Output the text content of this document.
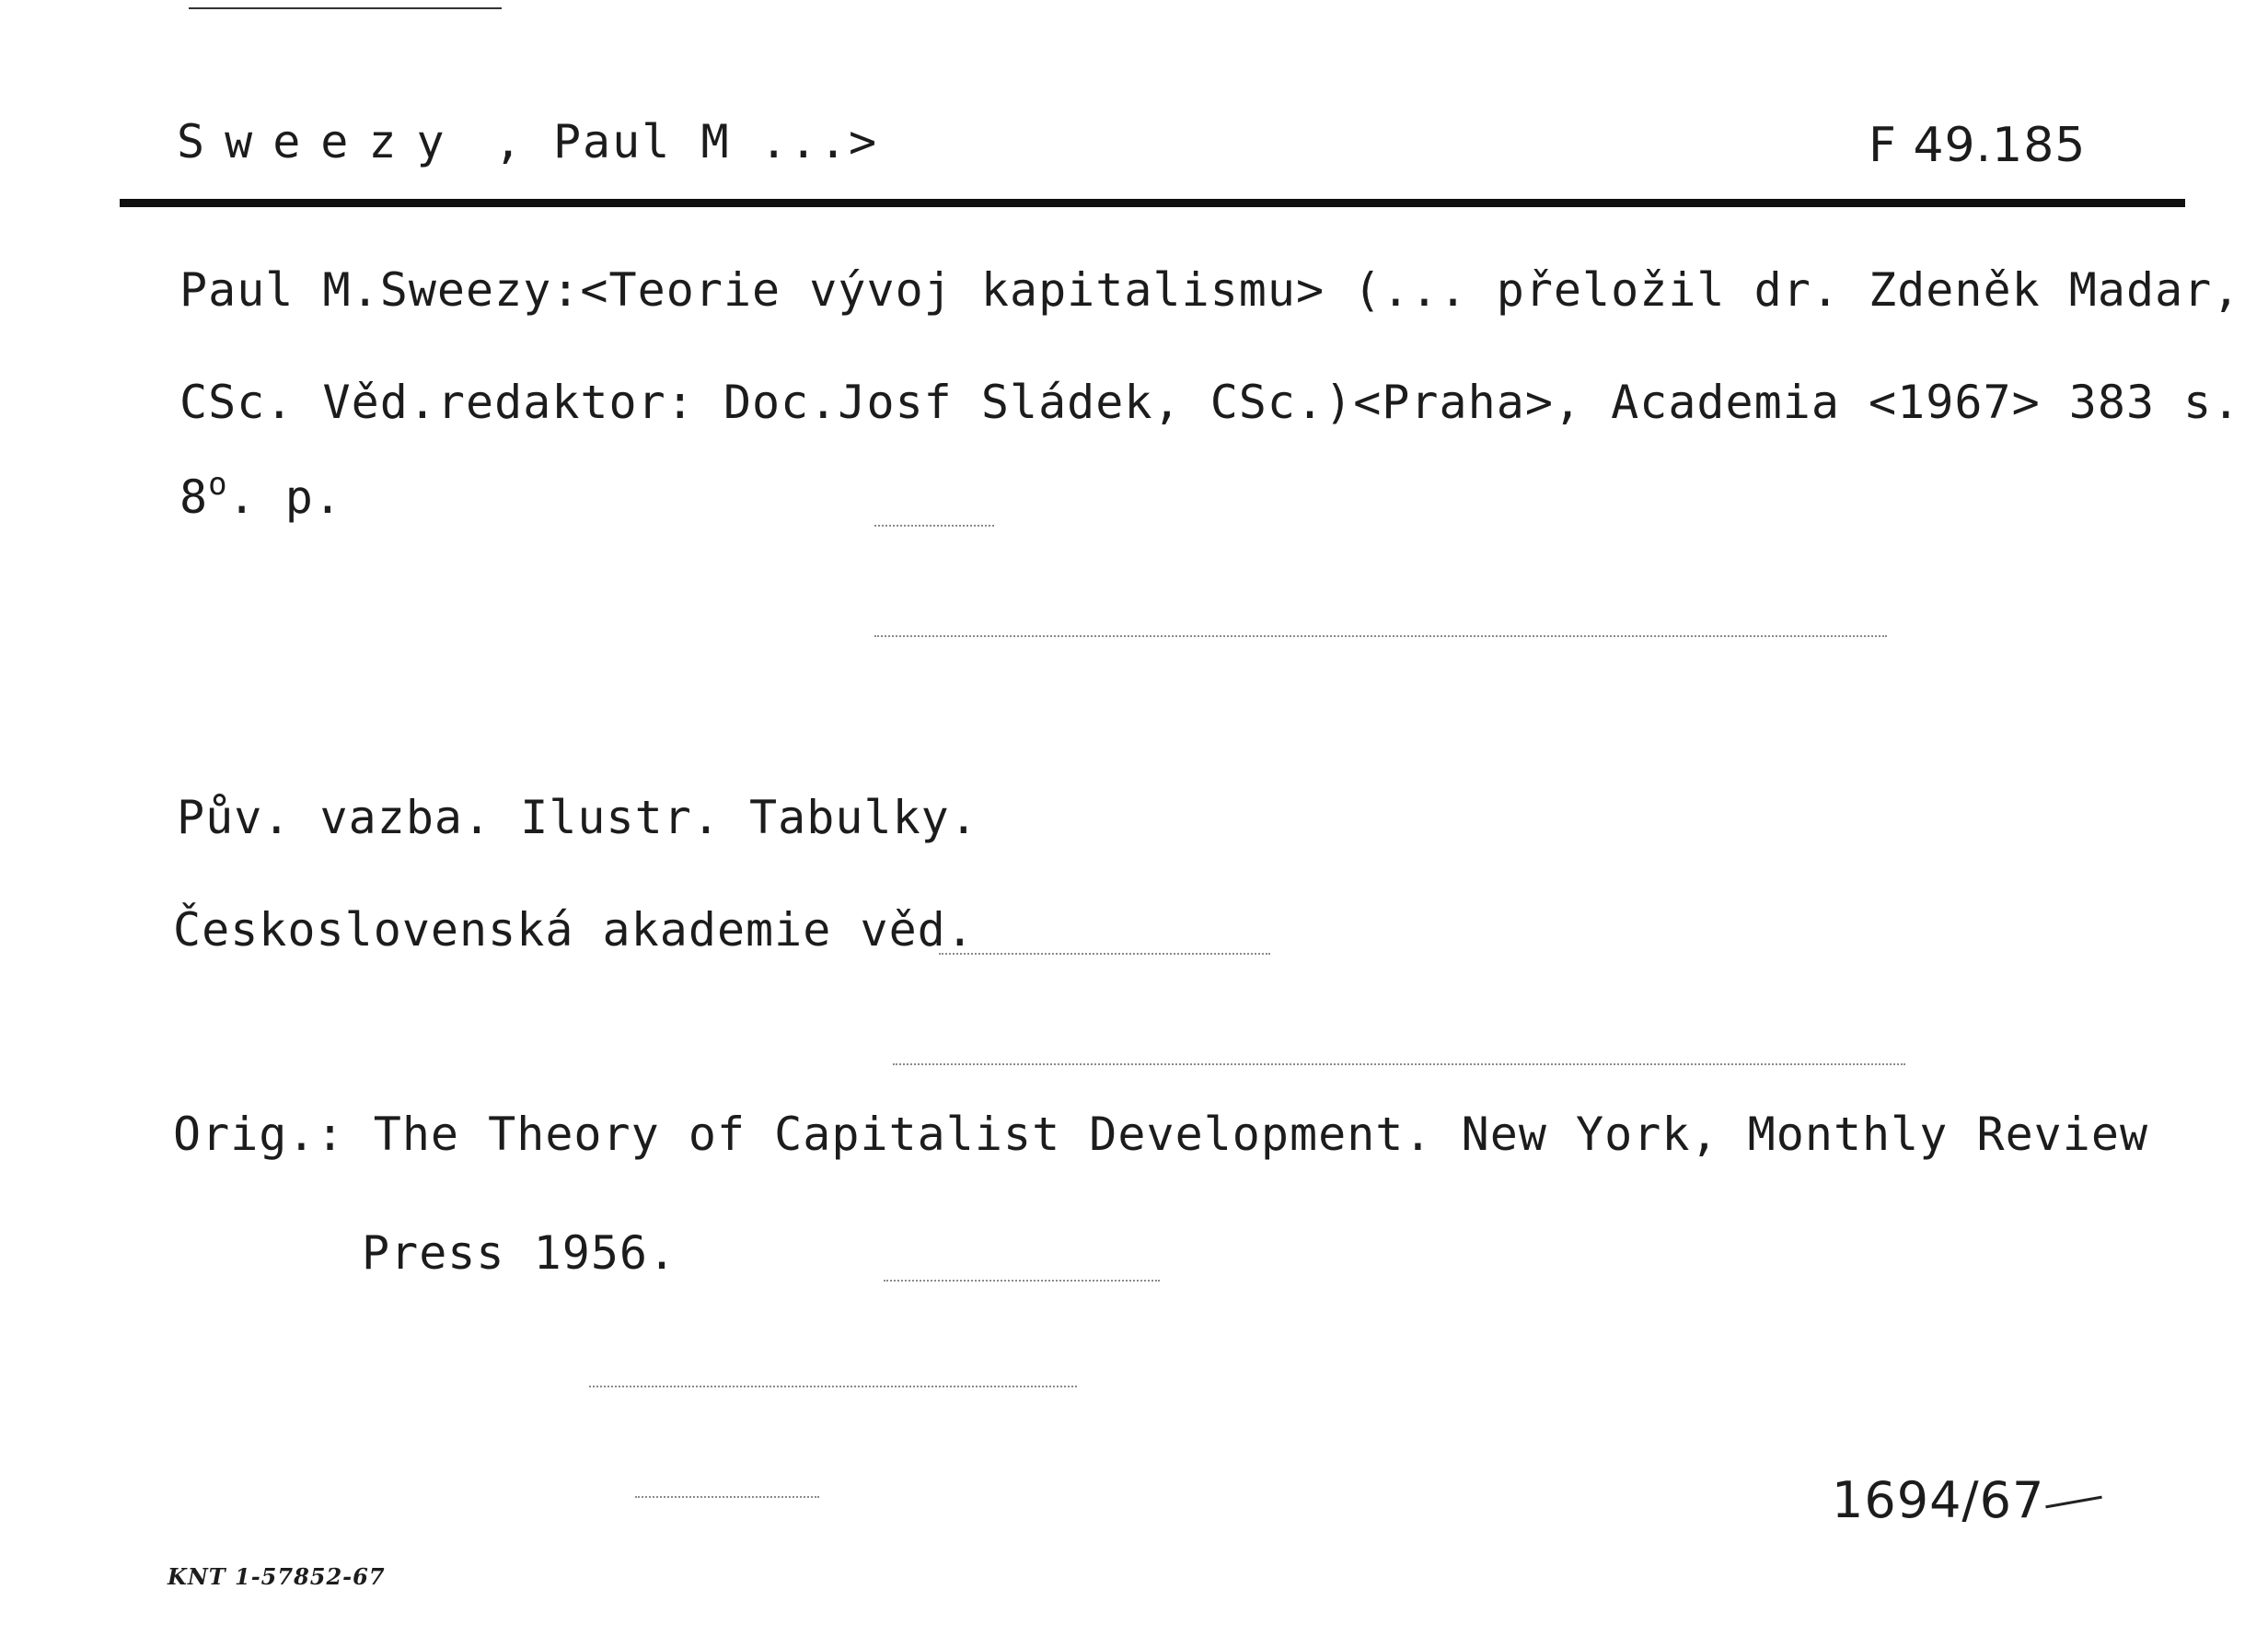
Sweezy , Paul M ...>	F 49.185
Paul M.Sweezy:<Teorie vývoj kapitalismu> (... přeložil dr. Zdeněk Madar,
CSc. Věd.redaktor: Doc.Josf Sládek, CSc.)<Praha>, Academia <1967> 383 s.
8$^o$. p.
Pův. vazba. Ilustr. Tabulky.
Československá akademie věd.
Orig.: The Theory of Capitalist Development. New York, Monthly Review
Press 1956.
1694/67
KNT 1-57852-67
